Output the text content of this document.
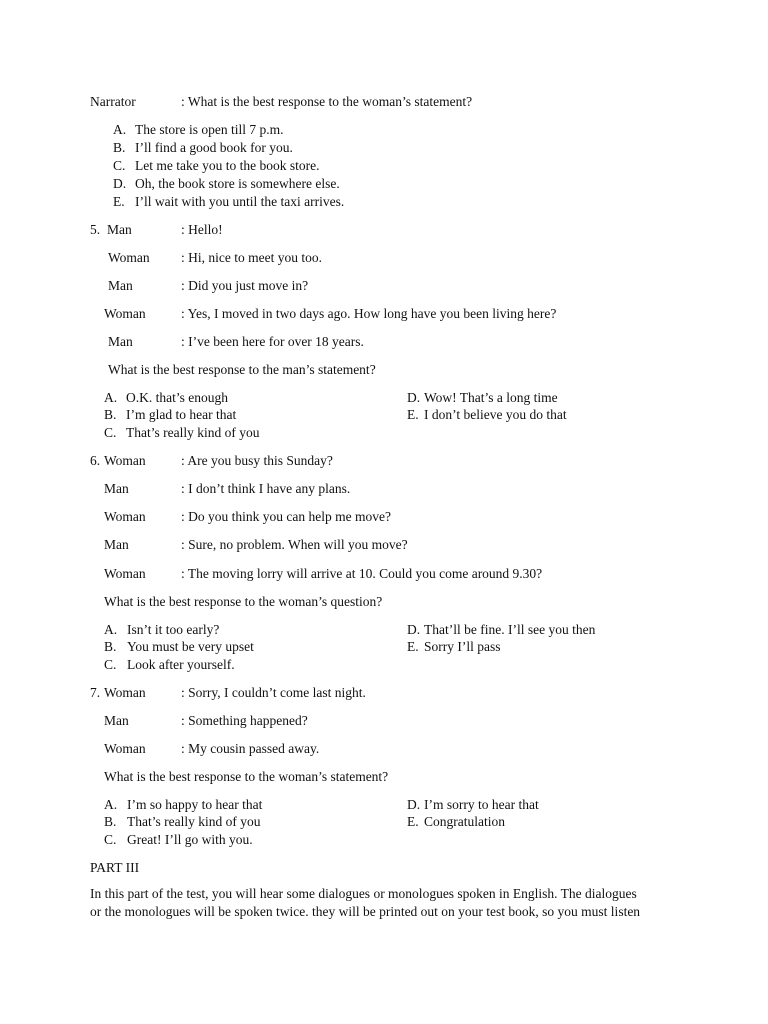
Narrator	: What is the best response to the woman’s statement?
A. The store is open till 7 p.m.
B. I’ll find a good book for you.
C. Let me take you to the book store.
D. Oh, the book store is somewhere else.
E. I’ll wait with you until the taxi arrives.
5. Man	: Hello!
Woman : Hi, nice to meet you too.
Man	: Did you just move in?
Woman	: Yes, I moved in two days ago. How long have you been living here?
Man	: I’ve been here for over 18 years.
What is the best response to the man’s statement?
A. O.K. that’s enough
B. I’m glad to hear that
C. That’s really kind of you
D. Wow! That’s a long time
E. I don’t believe you do that
6. Woman	: Are you busy this Sunday?
Man	: I don’t think I have any plans.
Woman	: Do you think you can help me move?
Man	: Sure, no problem. When will you move?
Woman	: The moving lorry will arrive at 10. Could you come around 9.30?
What is the best response to the woman’s question?
A. Isn’t it too early?
B. You must be very upset
C. Look after yourself.
D. That’ll be fine. I’ll see you then
E. Sorry I’ll pass
7. Woman	: Sorry, I couldn’t come last night.
Man	: Something happened?
Woman	: My cousin passed away.
What is the best response to the woman’s statement?
A. I’m so happy to hear that
B. That’s really kind of you
C. Great! I’ll go with you.
D. I’m sorry to hear that
E. Congratulation
PART III

In this part of the test, you will hear some dialogues or monologues spoken in English. The dialogues or the monologues will be spoken twice. they will be printed out on your test book, so you must listen
